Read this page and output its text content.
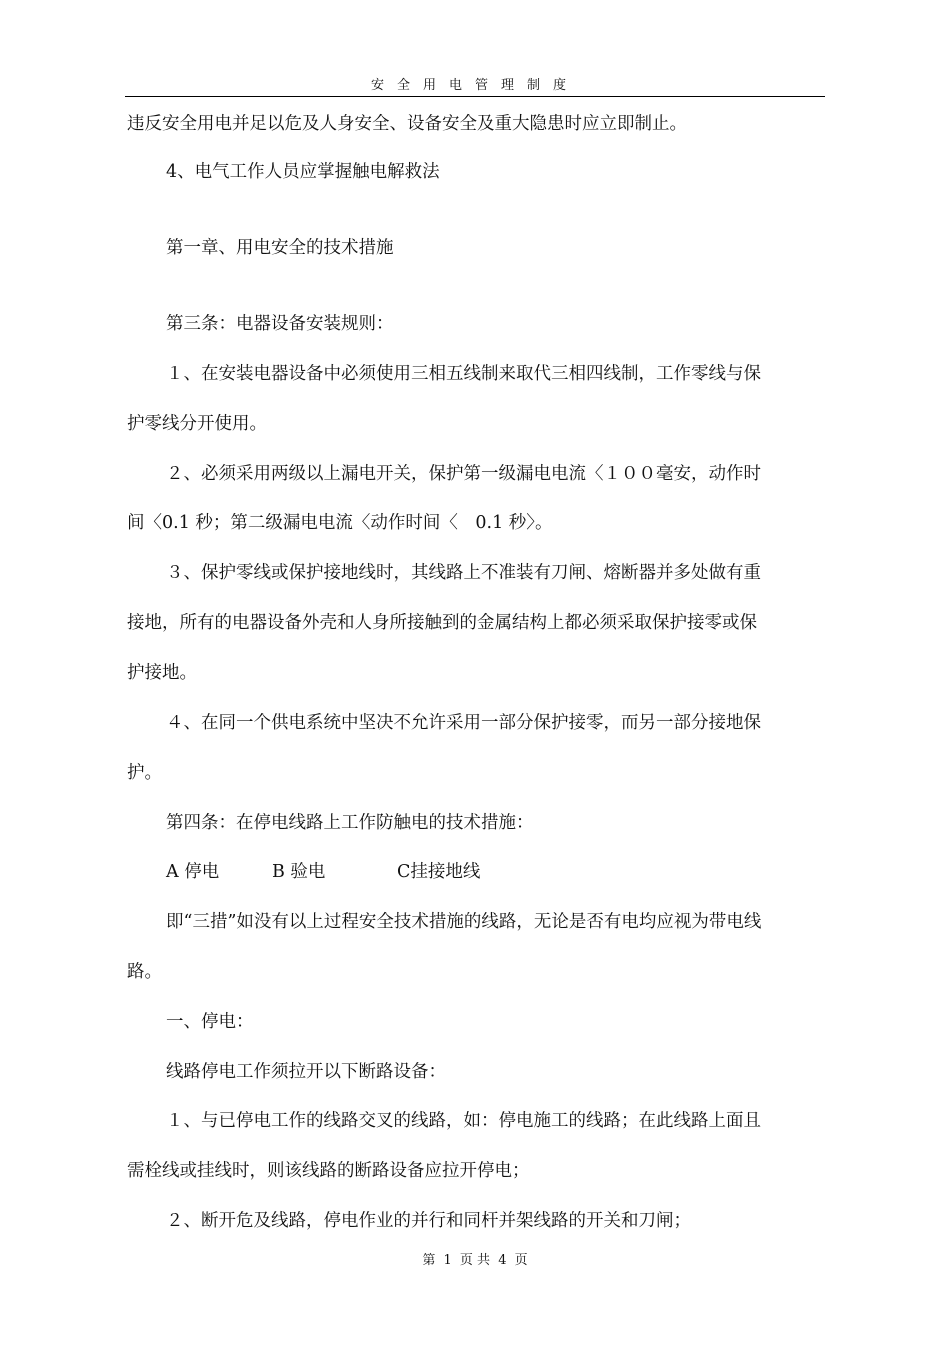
安全用电管理制度
违反安全用电并足以危及人身安全、设备安全及重大隐患时应立即制止。
4、电气工作人员应掌握触电解救法
第一章、用电安全的技术措施
第三条：电器设备安装规则：
１、在安装电器设备中必须使用三相五线制来取代三相四线制，工作零线与保
护零线分开使用。
２、必须采用两级以上漏电开关，保护第一级漏电电流〈１００毫安，动作时
间〈0.1 秒；第二级漏电电流〈动作时间〈　0.1 秒〉。
３、保护零线或保护接地线时，其线路上不准装有刀闸、熔断器并多处做有重
接地，所有的电器设备外壳和人身所接触到的金属结构上都必须采取保护接零或保
护接地。
４、在同一个供电系统中坚决不允许采用一部分保护接零，而另一部分接地保
护。
第四条：在停电线路上工作防触电的技术措施：
A 停电	B 验电	C挂接地线
即“三措”如没有以上过程安全技术措施的线路，无论是否有电均应视为带电线
路。
一、停电：
线路停电工作须拉开以下断路设备：
１、与已停电工作的线路交叉的线路，如：停电施工的线路；在此线路上面且
需栓线或挂线时，则该线路的断路设备应拉开停电；
２、断开危及线路，停电作业的并行和同杆并架线路的开关和刀闸；
第 1 页 共 4 页
